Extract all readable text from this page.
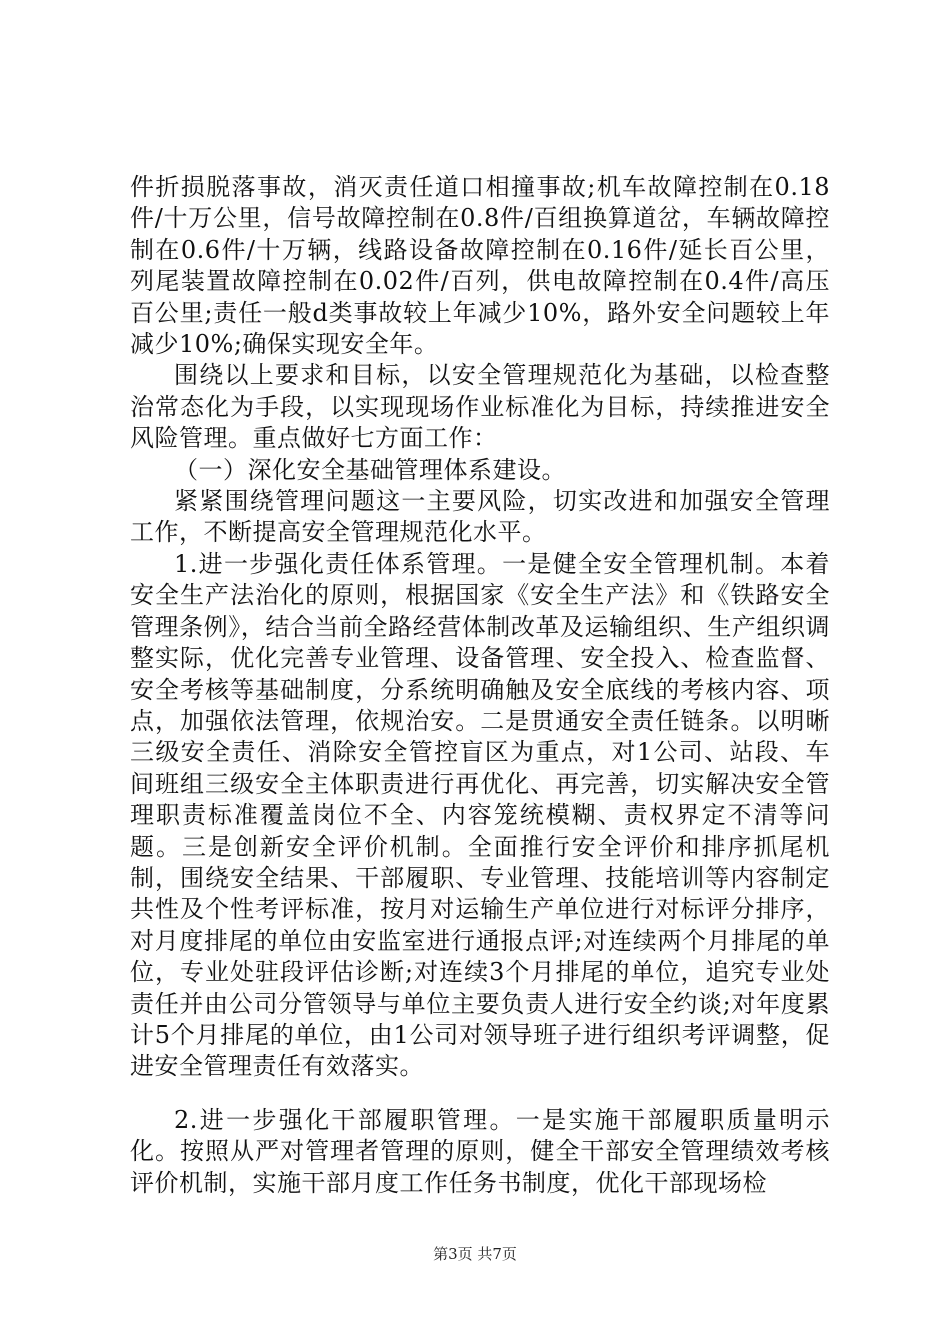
件折损脱落事故，消灭责任道口相撞事故;机车故障控制在0.18件/十万公里，信号故障控制在0.8件/百组换算道岔，车辆故障控制在0.6件/十万辆，线路设备故障控制在0.16件/延长百公里，列尾装置故障控制在0.02件/百列，供电故障控制在0.4件/高压百公里;责任一般d类事故较上年减少10%，路外安全问题较上年减少10%;确保实现安全年。

围绕以上要求和目标，以安全管理规范化为基础，以检查整治常态化为手段，以实现现场作业标准化为目标，持续推进安全风险管理。重点做好七方面工作：

（一）深化安全基础管理体系建设。

紧紧围绕管理问题这一主要风险，切实改进和加强安全管理工作，不断提高安全管理规范化水平。

1.进一步强化责任体系管理。一是健全安全管理机制。本着安全生产法治化的原则，根据国家《安全生产法》和《铁路安全管理条例》，结合当前全路经营体制改革及运输组织、生产组织调整实际，优化完善专业管理、设备管理、安全投入、检查监督、安全考核等基础制度，分系统明确触及安全底线的考核内容、项点，加强依法管理，依规治安。二是贯通安全责任链条。以明晰三级安全责任、消除安全管控盲区为重点，对1公司、站段、车间班组三级安全主体职责进行再优化、再完善，切实解决安全管理职责标准覆盖岗位不全、内容笼统模糊、责权界定不清等问题。三是创新安全评价机制。全面推行安全评价和排序抓尾机制，围绕安全结果、干部履职、专业管理、技能培训等内容制定共性及个性考评标准，按月对运输生产单位进行对标评分排序，对月度排尾的单位由安监室进行通报点评;对连续两个月排尾的单位，专业处驻段评估诊断;对连续3个月排尾的单位，追究专业处责任并由公司分管领导与单位主要负责人进行安全约谈;对年度累计5个月排尾的单位，由1公司对领导班子进行组织考评调整，促进安全管理责任有效落实。

2.进一步强化干部履职管理。一是实施干部履职质量明示化。按照从严对管理者管理的原则，健全干部安全管理绩效考核评价机制，实施干部月度工作任务书制度，优化干部现场检

第3页 共7页
